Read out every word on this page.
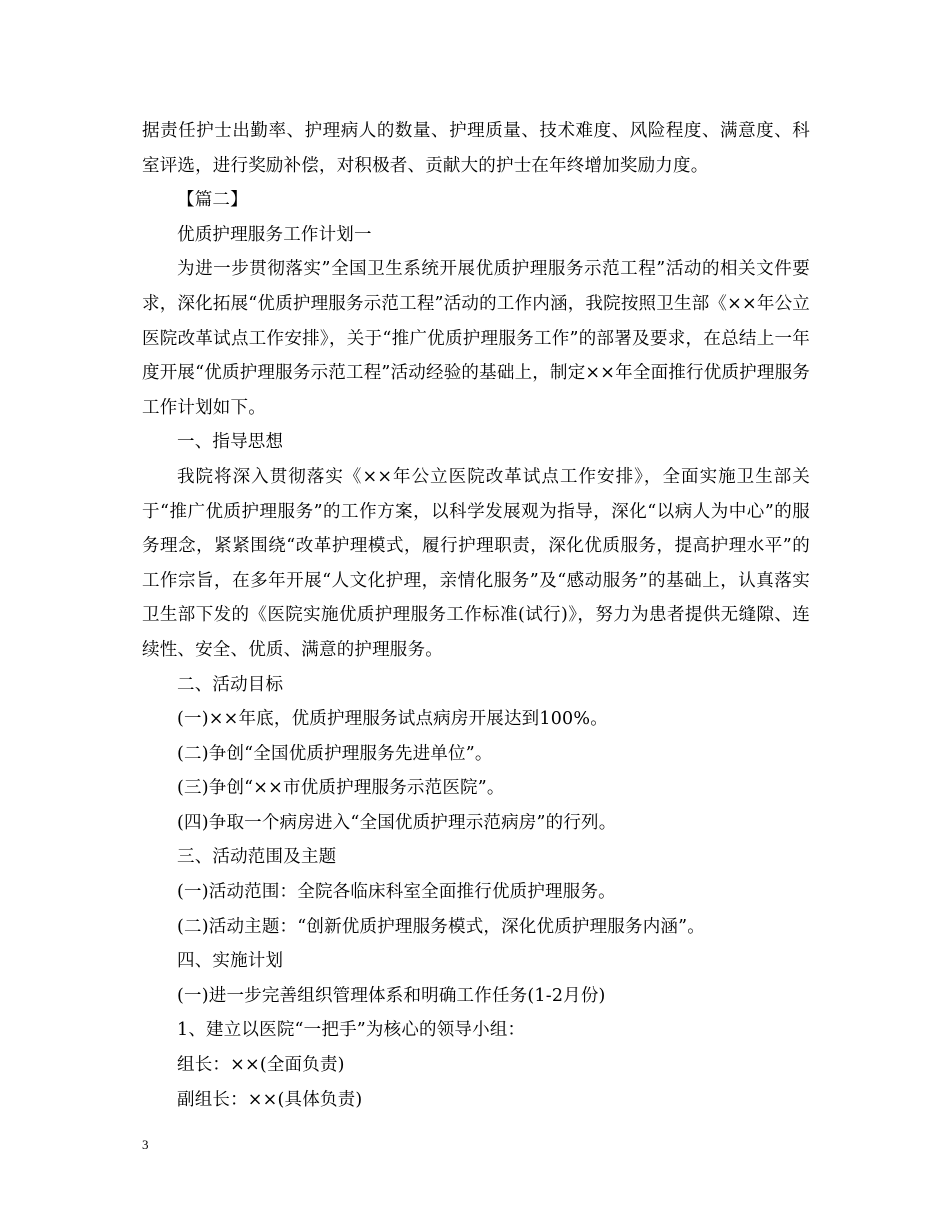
据责任护士出勤率、护理病人的数量、护理质量、技术难度、风险程度、满意度、科室评选，进行奖励补偿，对积极者、贡献大的护士在年终增加奖励力度。

【篇二】

优质护理服务工作计划一

为进一步贯彻落实”全国卫生系统开展优质护理服务示范工程”活动的相关文件要求，深化拓展“优质护理服务示范工程”活动的工作内涵，我院按照卫生部《××年公立医院改革试点工作安排》，关于“推广优质护理服务工作”的部署及要求，在总结上一年度开展“优质护理服务示范工程”活动经验的基础上，制定××年全面推行优质护理服务工作计划如下。

一、指导思想

我院将深入贯彻落实《××年公立医院改革试点工作安排》，全面实施卫生部关于“推广优质护理服务”的工作方案，以科学发展观为指导，深化“以病人为中心”的服务理念，紧紧围绕“改革护理模式，履行护理职责，深化优质服务，提高护理水平”的工作宗旨，在多年开展“人文化护理，亲情化服务”及“感动服务”的基础上，认真落实卫生部下发的《医院实施优质护理服务工作标准(试行)》，努力为患者提供无缝隙、连续性、安全、优质、满意的护理服务。

二、活动目标

(一)××年底，优质护理服务试点病房开展达到100%。

(二)争创“全国优质护理服务先进单位”。

(三)争创“××市优质护理服务示范医院”。

(四)争取一个病房进入“全国优质护理示范病房”的行列。

三、活动范围及主题

(一)活动范围：全院各临床科室全面推行优质护理服务。

(二)活动主题：“创新优质护理服务模式，深化优质护理服务内涵”。

四、实施计划

(一)进一步完善组织管理体系和明确工作任务(1-2月份)

1、建立以医院“一把手”为核心的领导小组：

组长：××(全面负责)

副组长：××(具体负责)

3
